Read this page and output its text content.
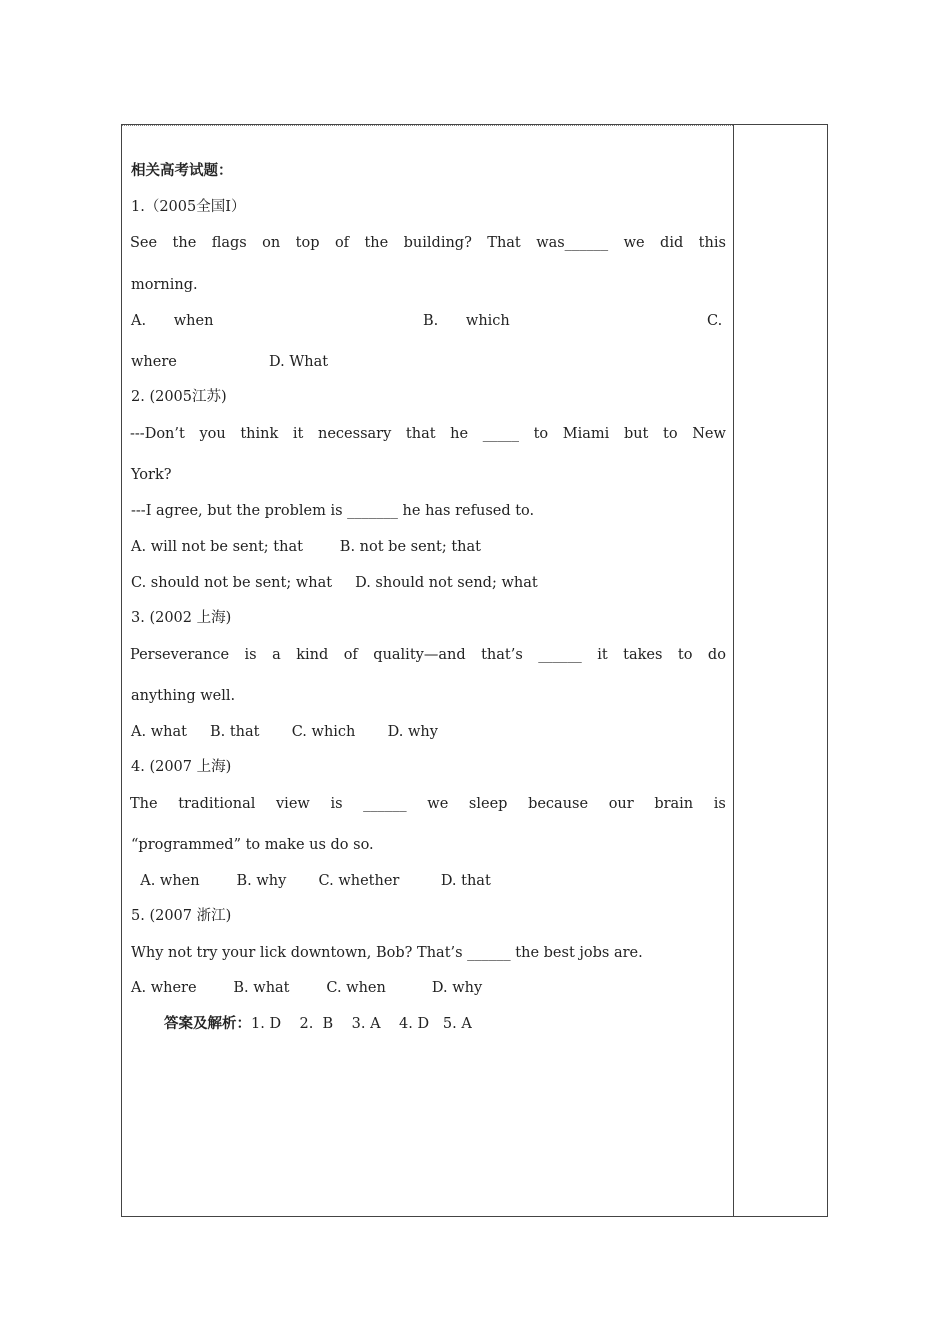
相关高考试题：
1.（2005全国Ⅰ）
See the flags on top of the building? That was______ we did this
morning.
A.      when	B.      which	C.
where                    D. What
2. (2005江苏)
---Don’t you think it necessary that he _____ to Miami but to New
York?
---I agree, but the problem is _______ he has refused to.
A. will not be sent; that        B. not be sent; that
C. should not be sent; what     D. should not send; what
3. (2002 上海)
Perseverance is a kind of quality—and that’s ______ it takes to do
anything well.
A. what     B. that       C. which       D. why
4. (2007 上海)
The traditional view is ______ we sleep because our brain is
“programmed” to make us do so.
A. when        B. why       C. whether         D. that
5. (2007 浙江)
Why not try your lick downtown, Bob? That’s ______ the best jobs are.
A. where        B. what        C. when          D. why
答案及解析：1. D    2.  B    3. A    4. D   5. A
